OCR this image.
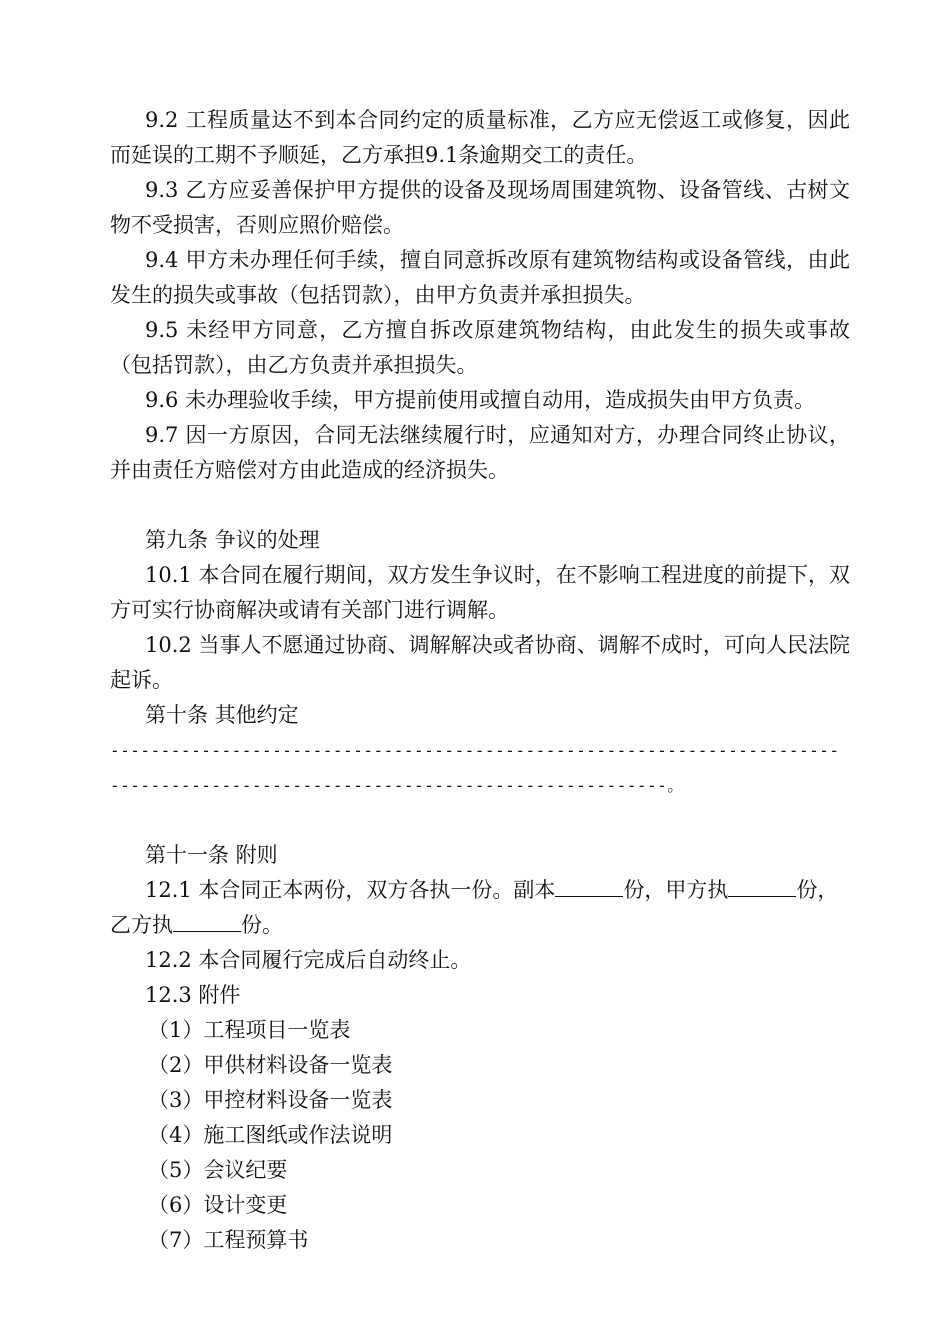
9.2 工程质量达不到本合同约定的质量标准，乙方应无偿返工或修复，因此而延误的工期不予顺延，乙方承担9.1条逾期交工的责任。

9.3 乙方应妥善保护甲方提供的设备及现场周围建筑物、设备管线、古树文物不受损害，否则应照价赔偿。

9.4 甲方未办理任何手续，擅自同意拆改原有建筑物结构或设备管线，由此发生的损失或事故（包括罚款），由甲方负责并承担损失。

9.5 未经甲方同意，乙方擅自拆改原建筑物结构，由此发生的损失或事故（包括罚款），由乙方负责并承担损失。

9.6 未办理验收手续，甲方提前使用或擅自动用，造成损失由甲方负责。

9.7 因一方原因，合同无法继续履行时，应通知对方，办理合同终止协议，并由责任方赔偿对方由此造成的经济损失。

第九条 争议的处理

10.1 本合同在履行期间，双方发生争议时，在不影响工程进度的前提下，双方可实行协商解决或请有关部门进行调解。

10.2 当事人不愿通过协商、调解解决或者协商、调解不成时，可向人民法院起诉。

第十条 其他约定

------------------------------------------------------------------------

-------------------------------------------------------。

第十一条 附则

12.1 本合同正本两份，双方各执一份。副本	份，甲方执	份，

乙方执	份。

12.2 本合同履行完成后自动终止。

12.3 附件

（1）工程项目一览表

（2）甲供材料设备一览表

（3）甲控材料设备一览表

（4）施工图纸或作法说明

（5）会议纪要

（6）设计变更

（7）工程预算书
